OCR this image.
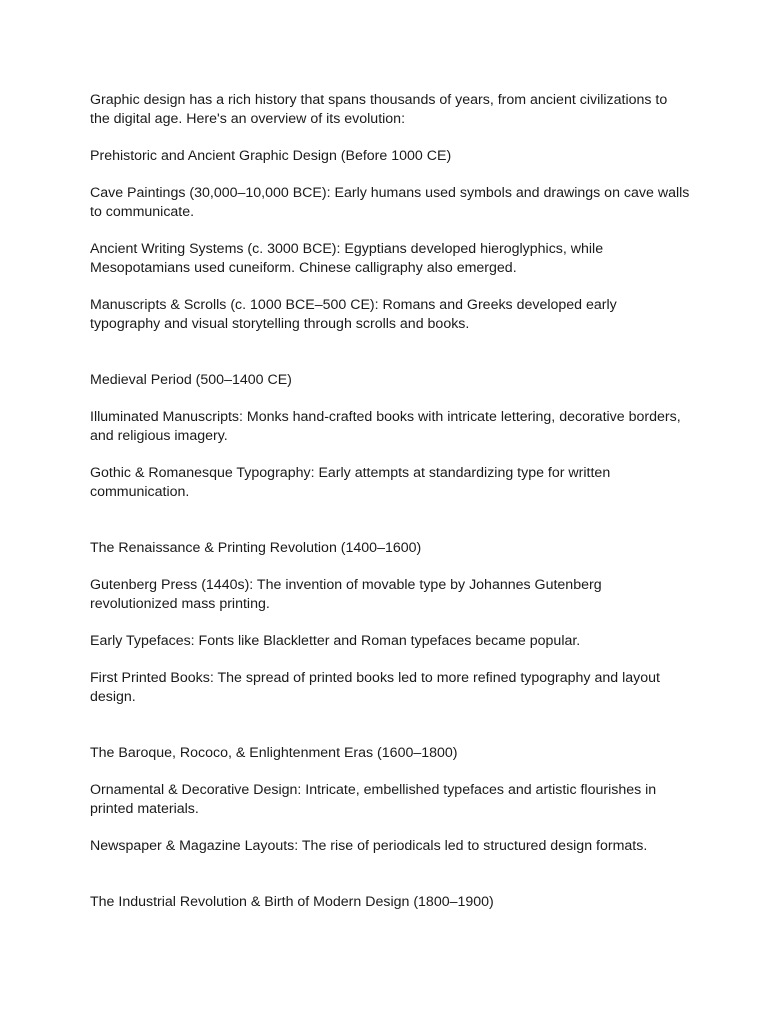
Graphic design has a rich history that spans thousands of years, from ancient civilizations to the digital age. Here's an overview of its evolution:

Prehistoric and Ancient Graphic Design (Before 1000 CE)

Cave Paintings (30,000–10,000 BCE): Early humans used symbols and drawings on cave walls to communicate.

Ancient Writing Systems (c. 3000 BCE): Egyptians developed hieroglyphics, while Mesopotamians used cuneiform. Chinese calligraphy also emerged.

Manuscripts & Scrolls (c. 1000 BCE–500 CE): Romans and Greeks developed early typography and visual storytelling through scrolls and books.

Medieval Period (500–1400 CE)

Illuminated Manuscripts: Monks hand-crafted books with intricate lettering, decorative borders, and religious imagery.

Gothic & Romanesque Typography: Early attempts at standardizing type for written communication.

The Renaissance & Printing Revolution (1400–1600)

Gutenberg Press (1440s): The invention of movable type by Johannes Gutenberg revolutionized mass printing.

Early Typefaces: Fonts like Blackletter and Roman typefaces became popular.

First Printed Books: The spread of printed books led to more refined typography and layout design.

The Baroque, Rococo, & Enlightenment Eras (1600–1800)

Ornamental & Decorative Design: Intricate, embellished typefaces and artistic flourishes in printed materials.

Newspaper & Magazine Layouts: The rise of periodicals led to structured design formats.

The Industrial Revolution & Birth of Modern Design (1800–1900)
